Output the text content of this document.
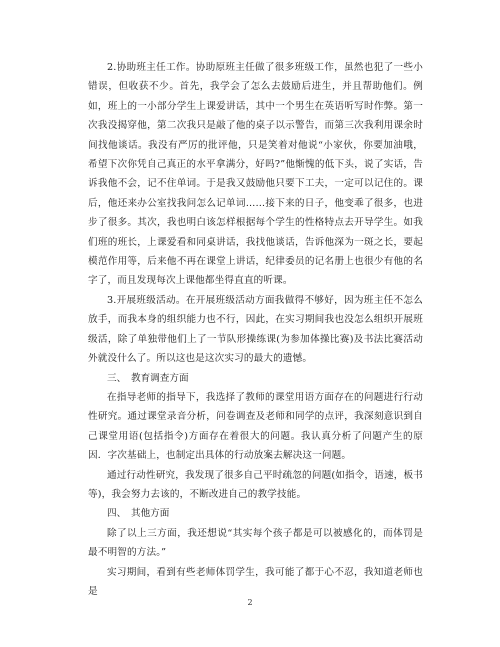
2.协助班主任工作。协助原班主任做了很多班级工作，虽然也犯了一些小错误，但收获不少。首先，我学会了怎么去鼓励后进生，并且帮助他们。例如，班上的一小部分学生上课爱讲话，其中一个男生在英语听写时作弊。第一次我没揭穿他，第二次我只是敲了他的桌子以示警告，而第三次我利用课余时间找他谈话。我没有严厉的批评他，只是笑着对他说“小家伙，你要加油哦，希望下次你凭自己真正的水平拿满分，好吗?”他惭愧的低下头，说了实话，告诉我他不会，记不住单词。于是我又鼓励他只要下工夫，一定可以记住的。课后，他还来办公室找我问怎么记单词……接下来的日子，他变乖了很多，也进步了很多。其次，我也明白该怎样根据每个学生的性格特点去开导学生。如我们班的班长，上课爱看和同桌讲话，我找他谈话，告诉他深为一斑之长，要起模范作用等，后来他不再在课堂上讲话，纪律委员的记名册上也很少有他的名字了，而且发现每次上课他都坐得直直的听课。

3.开展班级活动。在开展班级活动方面我做得不够好，因为班主任不怎么放手，而我本身的组织能力也不行，因此，在实习期间我也没怎么组织开展班级活，除了单独带他们上了一节队形操练课(为参加体操比赛)及书法比赛活动外就没什么了。所以这也是这次实习的最大的遗憾。

三、　教育调查方面

在指导老师的指导下，我选择了教师的课堂用语方面存在的问题进行行动性研究。通过课堂录音分析，问卷调查及老师和同学的点评，我深刻意识到自己课堂用语(包括指令)方面存在着很大的问题。我认真分析了问题产生的原因．字次基础上，也制定出具体的行动放案去解决这一问题。

通过行动性研究，我发现了很多自己平时疏忽的问题(如指令，语速，板书等)，我会努力去该的，不断改进自己的教学技能。

四、　其他方面

除了以上三方面，我还想说“其实每个孩子都是可以被感化的，而体罚是最不明智的方法。”

实习期间，看到有些老师体罚学生，我可能了都于心不忍，我知道老师也是

2
